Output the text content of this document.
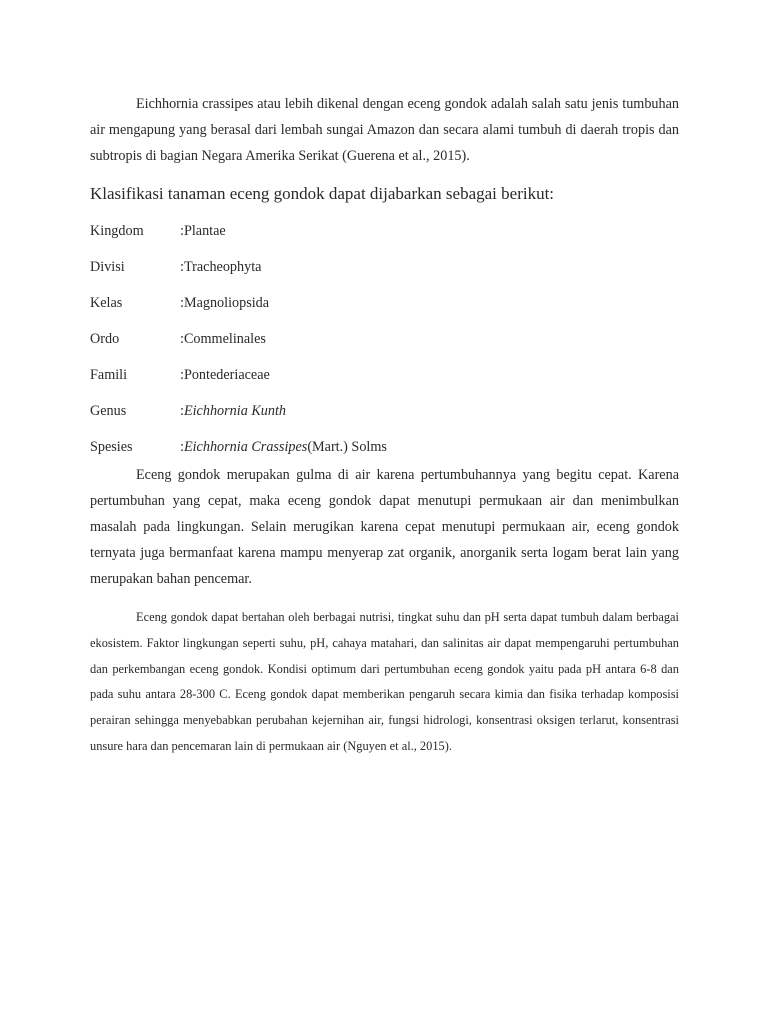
Eichhornia crassipes atau lebih dikenal dengan eceng gondok adalah salah satu jenis tumbuhan air mengapung yang berasal dari lembah sungai Amazon dan secara alami tumbuh di daerah tropis dan subtropis di bagian Negara Amerika Serikat (Guerena et al., 2015).

Klasifikasi tanaman eceng gondok dapat dijabarkan sebagai berikut:
Kingdom	: Plantae
Divisi	: Tracheophyta
Kelas	: Magnoliopsida
Ordo	: Commelinales
Famili	: Pontederiaceae
Genus	: Eichhornia Kunth
Spesies	: Eichhornia Crassipes (Mart.) Solms

Eceng gondok merupakan gulma di air karena pertumbuhannya yang begitu cepat. Karena pertumbuhan yang cepat, maka eceng gondok dapat menutupi permukaan air dan menimbulkan masalah pada lingkungan. Selain merugikan karena cepat menutupi permukaan air, eceng gondok ternyata juga bermanfaat karena mampu menyerap zat organik, anorganik serta logam berat lain yang merupakan bahan pencemar.

Eceng gondok dapat bertahan oleh berbagai nutrisi, tingkat suhu dan pH serta dapat tumbuh dalam berbagai ekosistem. Faktor lingkungan seperti suhu, pH, cahaya matahari, dan salinitas air dapat mempengaruhi pertumbuhan dan perkembangan eceng gondok. Kondisi optimum dari pertumbuhan eceng gondok yaitu pada pH antara 6-8 dan pada suhu antara 28-300 C. Eceng gondok dapat memberikan pengaruh secara kimia dan fisika terhadap komposisi perairan sehingga menyebabkan perubahan kejernihan air, fungsi hidrologi, konsentrasi oksigen terlarut, konsentrasi unsure hara dan pencemaran lain di permukaan air (Nguyen et al., 2015).
